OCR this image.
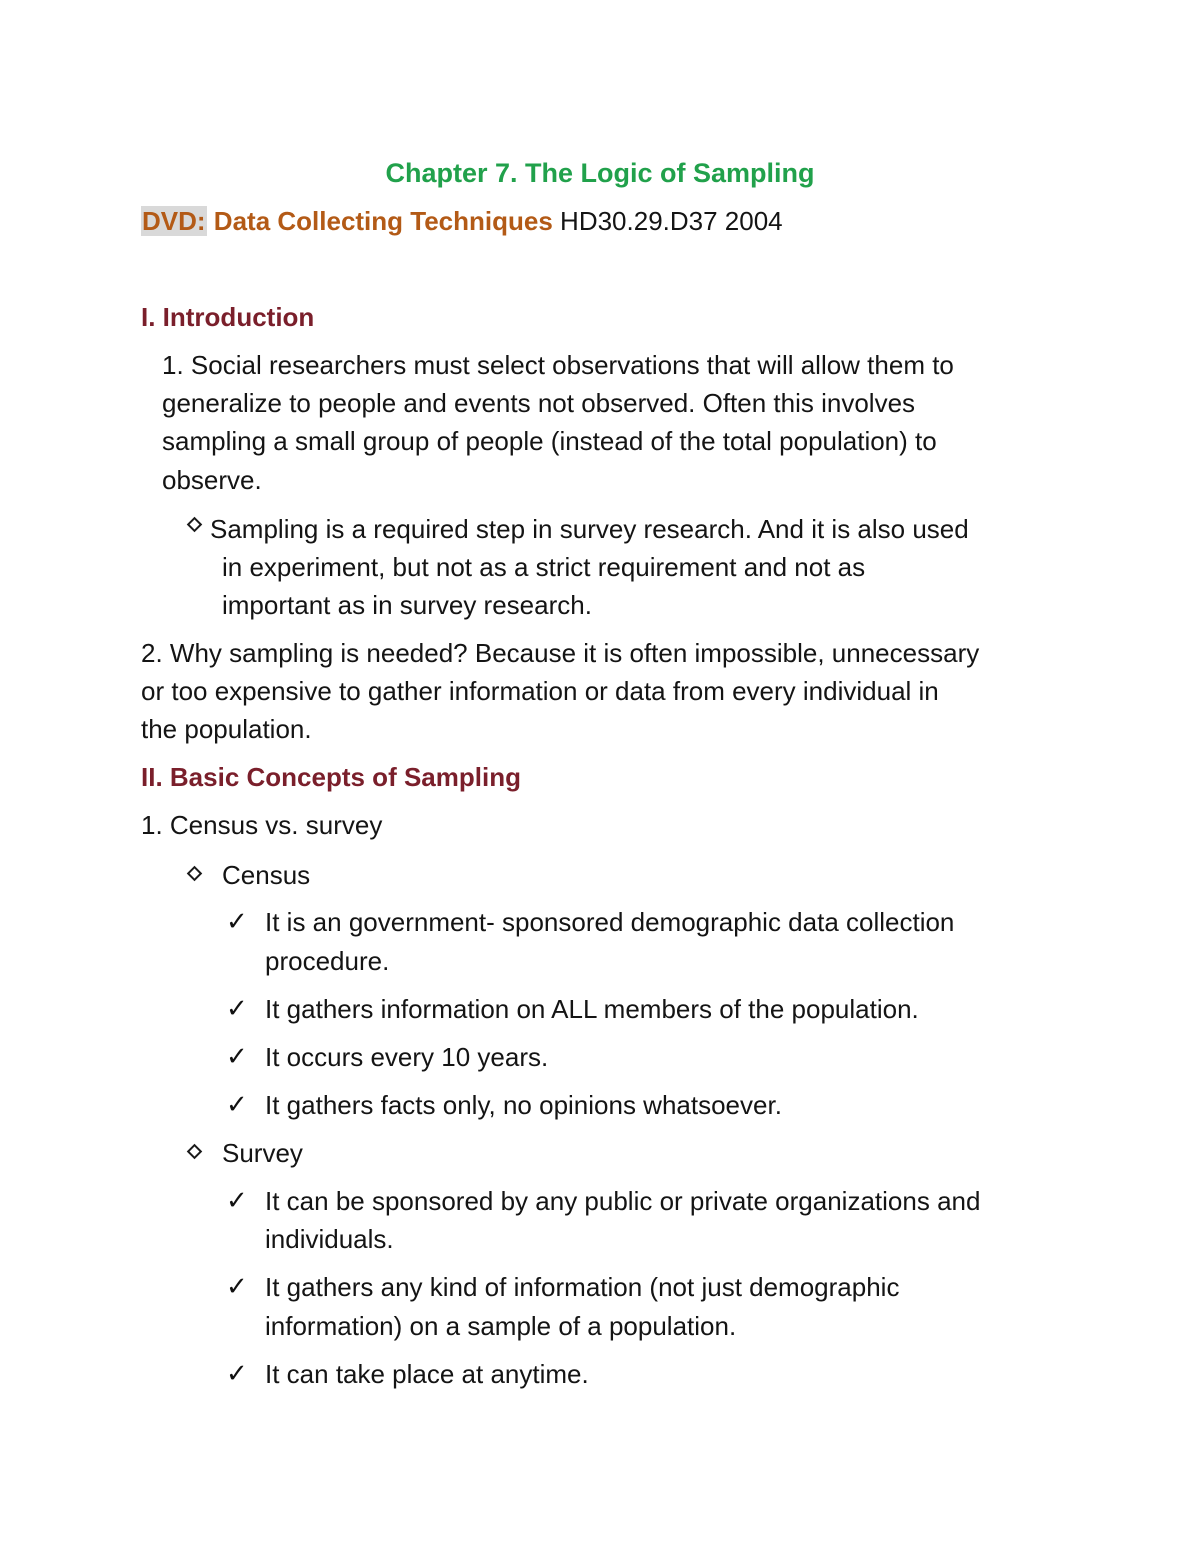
Chapter 7. The Logic of Sampling
DVD: Data Collecting Techniques HD30.29.D37 2004
I. Introduction
1. Social researchers must select observations that will allow them to
generalize to people and events not observed. Often this involves
sampling a small group of people (instead of the total population) to
observe.
Sampling is a required step in survey research. And it is also used
in experiment, but not as a strict requirement and not as
important as in survey research.
2. Why sampling is needed? Because it is often impossible, unnecessary
or too expensive to gather information or data from every individual in
the population.
II. Basic Concepts of Sampling
1. Census vs. survey
Census
✓ It is an government- sponsored demographic data collection
procedure.
✓ It gathers information on ALL members of the population.
✓ It occurs every 10 years.
✓ It gathers facts only, no opinions whatsoever.
Survey
✓ It can be sponsored by any public or private organizations and
individuals.
✓ It gathers any kind of information (not just demographic
information) on a sample of a population.
✓ It can take place at anytime.
